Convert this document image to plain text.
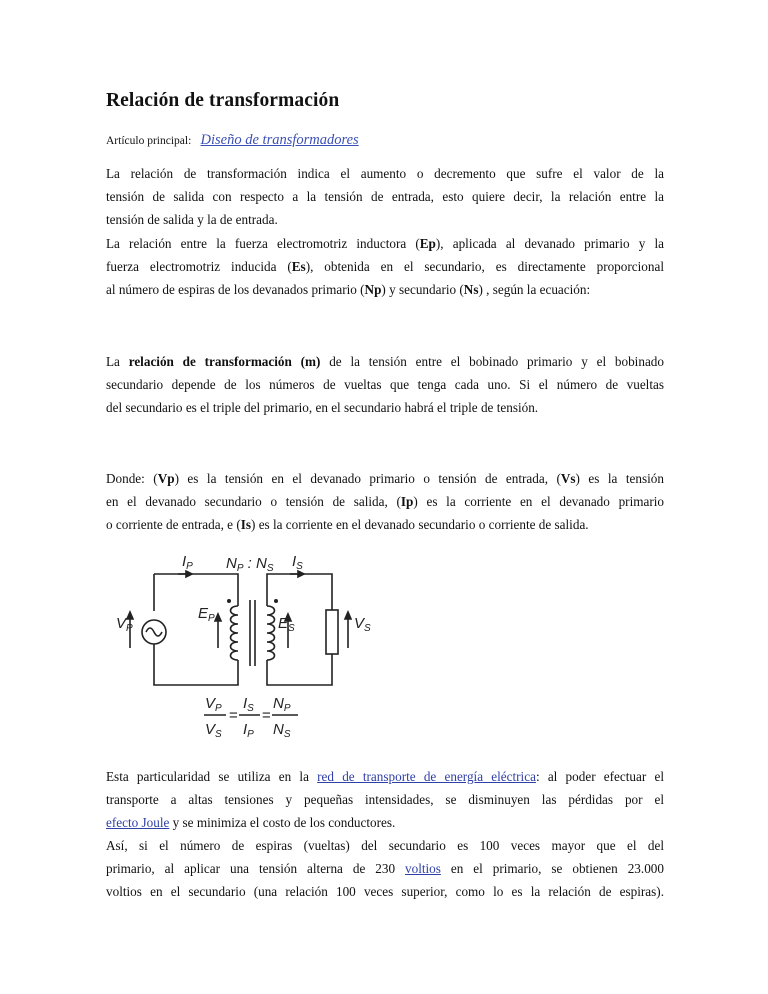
Relación de transformación
Artículo principal: Diseño de transformadores
La relación de transformación indica el aumento o decremento que sufre el valor de la
tensión de salida con respecto a la tensión de entrada, esto quiere decir, la relación entre la
tensión de salida y la de entrada.
La relación entre la fuerza electromotriz inductora (Ep), aplicada al devanado primario y la
fuerza electromotriz inducida (Es), obtenida en el secundario, es directamente proporcional
al número de espiras de los devanados primario (Np) y secundario (Ns) , según la ecuación:
La relación de transformación (m) de la tensión entre el bobinado primario y el bobinado
secundario depende de los números de vueltas que tenga cada uno. Si el número de vueltas
del secundario es el triple del primario, en el secundario habrá el triple de tensión.
Donde: (Vp) es la tensión en el devanado primario o tensión de entrada, (Vs) es la tensión
en el devanado secundario o tensión de salida, (Ip) es la corriente en el devanado primario
o corriente de entrada, e (Is) es la corriente en el devanado secundario o corriente de salida.
Esta particularidad se utiliza en la red de transporte de energía eléctrica: al poder efectuar el
transporte a altas tensiones y pequeñas intensidades, se disminuyen las pérdidas por el
efecto Joule y se minimiza el costo de los conductores.
Así, si el número de espiras (vueltas) del secundario es 100 veces mayor que el del
primario, al aplicar una tensión alterna de 230 voltios en el primario, se obtienen 23.000
voltios en el secundario (una relación 100 veces superior, como lo es la relación de espiras).
$I_P$ $N_P$ : $N_S$ $I_S$
$V_P$
$E_P$	$E_S$	$V_S$
$V_P$
$V_S$
$I_S$
$I_P$
$N_P$
$N_S$
= =
